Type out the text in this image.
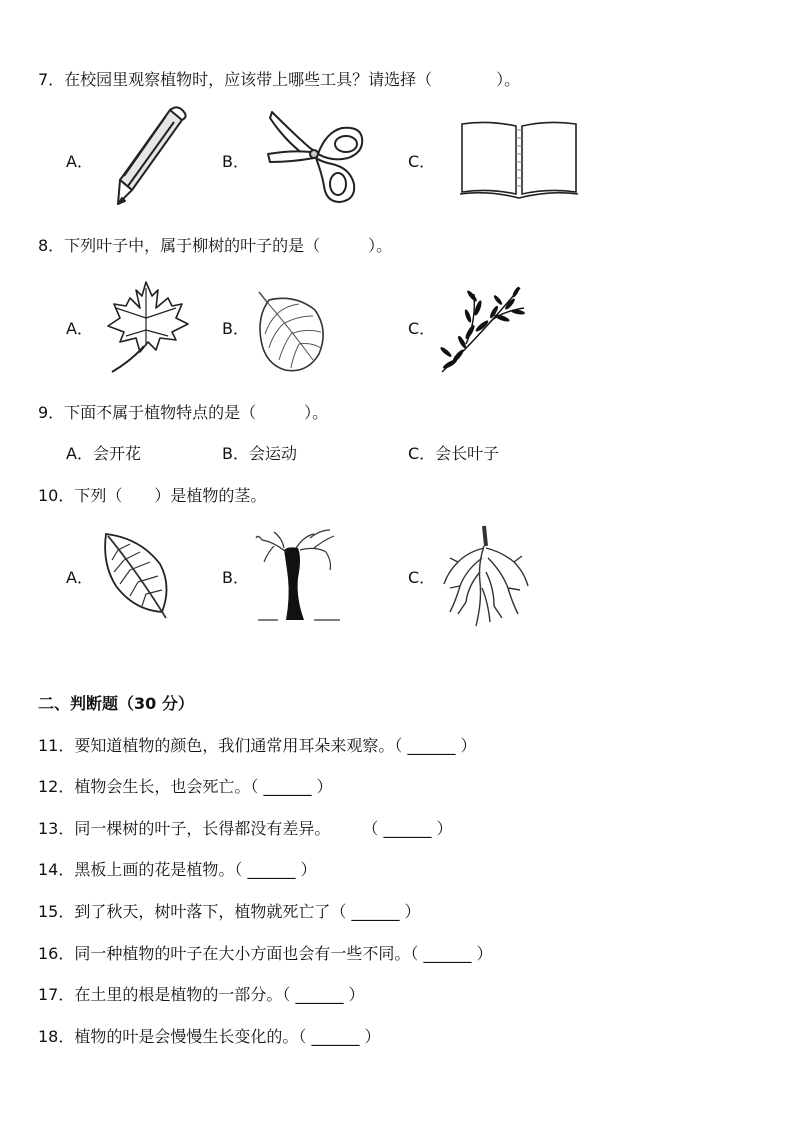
7．在校园里观察植物时，应该带上哪些工具？请选择（　　　　）。
A．	B．	C．
8．下列叶子中，属于柳树的叶子的是（　　　）。
A．	B．	C．
9．下面不属于植物特点的是（　　　）。
A．会开花	B．会运动	C．会长叶子
10．下列（　　）是植物的茎。
A．	B．	C．
二、判断题（30 分）
11．要知道植物的颜色，我们通常用耳朵来观察。（ ______ ）
12．植物会生长，也会死亡。（ ______ ）
13．同一棵树的叶子，长得都没有差异。　　　（ ______ ）
14．黑板上画的花是植物。（ ______ ）
15．到了秋天，树叶落下，植物就死亡了（ ______ ）
16．同一种植物的叶子在大小方面也会有一些不同。（ ______ ）
17．在土里的根是植物的一部分。（ ______ ）
18．植物的叶是会慢慢生长变化的。（ ______ ）
